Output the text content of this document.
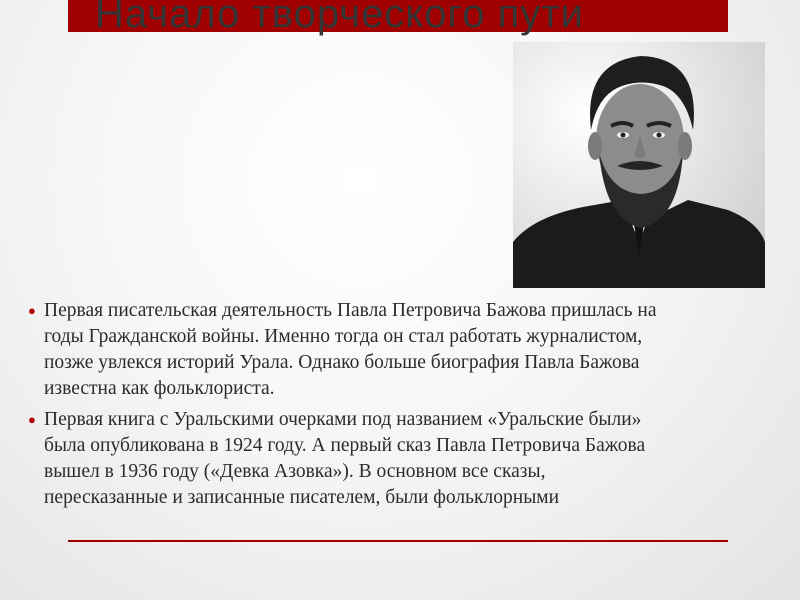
Начало творческого пути
● Первая писательская деятельность Павла Петровича Бажова пришлась на годы Гражданской войны. Именно тогда он стал работать журналистом, позже увлекся историй Урала. Однако больше биография Павла Бажова известна как фольклориста.
● Первая книга с Уральскими очерками под названием «Уральские были» была опубликована в 1924 году. А первый сказ Павла Петровича Бажова вышел в 1936 году («Девка Азовка»). В основном все сказы, пересказанные и записанные писателем, были фольклорными
